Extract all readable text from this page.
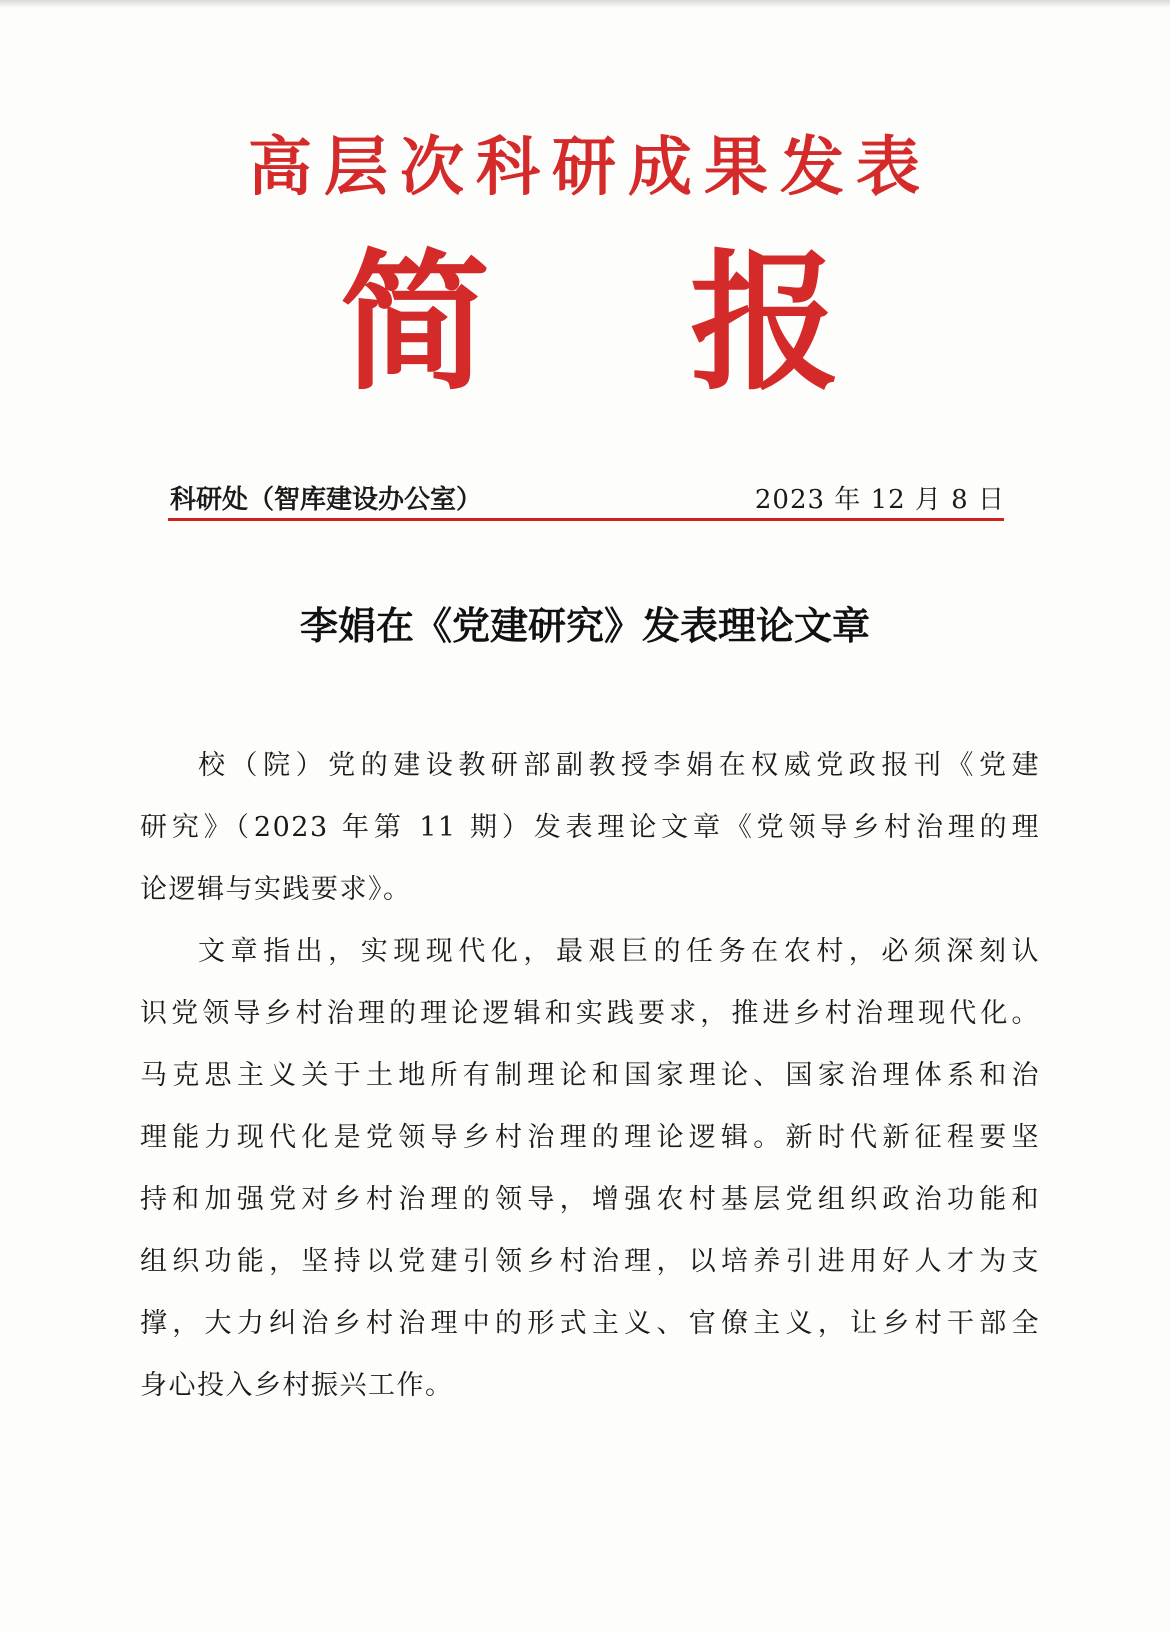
高层次科研成果发表
简 报
科研处（智库建设办公室）	2023 年 12 月 8 日
李娟在《党建研究》发表理论文章
校（院）党的建设教研部副教授李娟在权威党政报刊《党建
研究》（2023 年第 11 期）发表理论文章《党领导乡村治理的理
论逻辑与实践要求》。
文章指出，实现现代化，最艰巨的任务在农村，必须深刻认
识党领导乡村治理的理论逻辑和实践要求，推进乡村治理现代化。
马克思主义关于土地所有制理论和国家理论、国家治理体系和治
理能力现代化是党领导乡村治理的理论逻辑。新时代新征程要坚
持和加强党对乡村治理的领导，增强农村基层党组织政治功能和
组织功能，坚持以党建引领乡村治理，以培养引进用好人才为支
撑，大力纠治乡村治理中的形式主义、官僚主义，让乡村干部全
身心投入乡村振兴工作。
